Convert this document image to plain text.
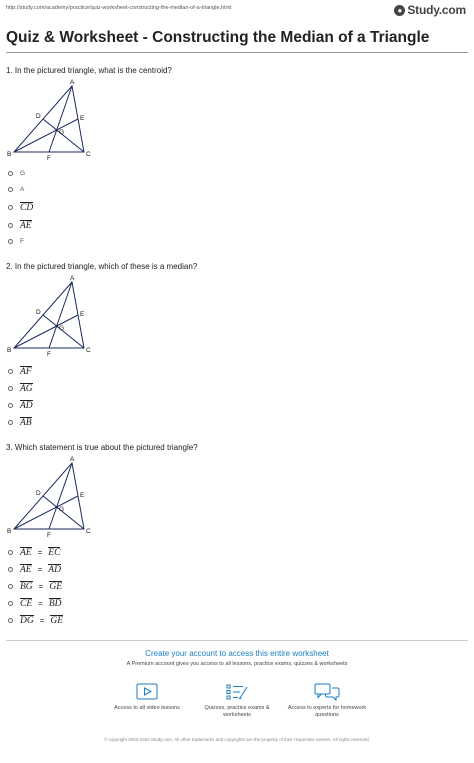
http://study.com/academy/practice/quiz-worksheet-constructing-the-median-of-a-triangle.html	● Study.com
Quiz & Worksheet - Constructing the Median of a Triangle
1. In the pictured triangle, what is the centroid?
A
B	C
D	E
F
G
G
A
CD
AE
F
2. In the pictured triangle, which of these is a median?
A
B	C
D	E
F
G
AF
AG
AD
AB
3. Which statement is true about the pictured triangle?
A
B	C
D	E
F
G
AE = EC
AE = AD
BG = GE
CE = BD
DG = GE
Create your account to access this entire worksheet
A Premium account gives you access to all lessons, practice exams, quizzes & worksheets
Access to all video lessons	Quizzes, practice exams & worksheets
Access to experts for homework questions
© copyright 2003-2020 Study.com. All other trademarks and copyrights are the property of their respective owners. All rights reserved.
